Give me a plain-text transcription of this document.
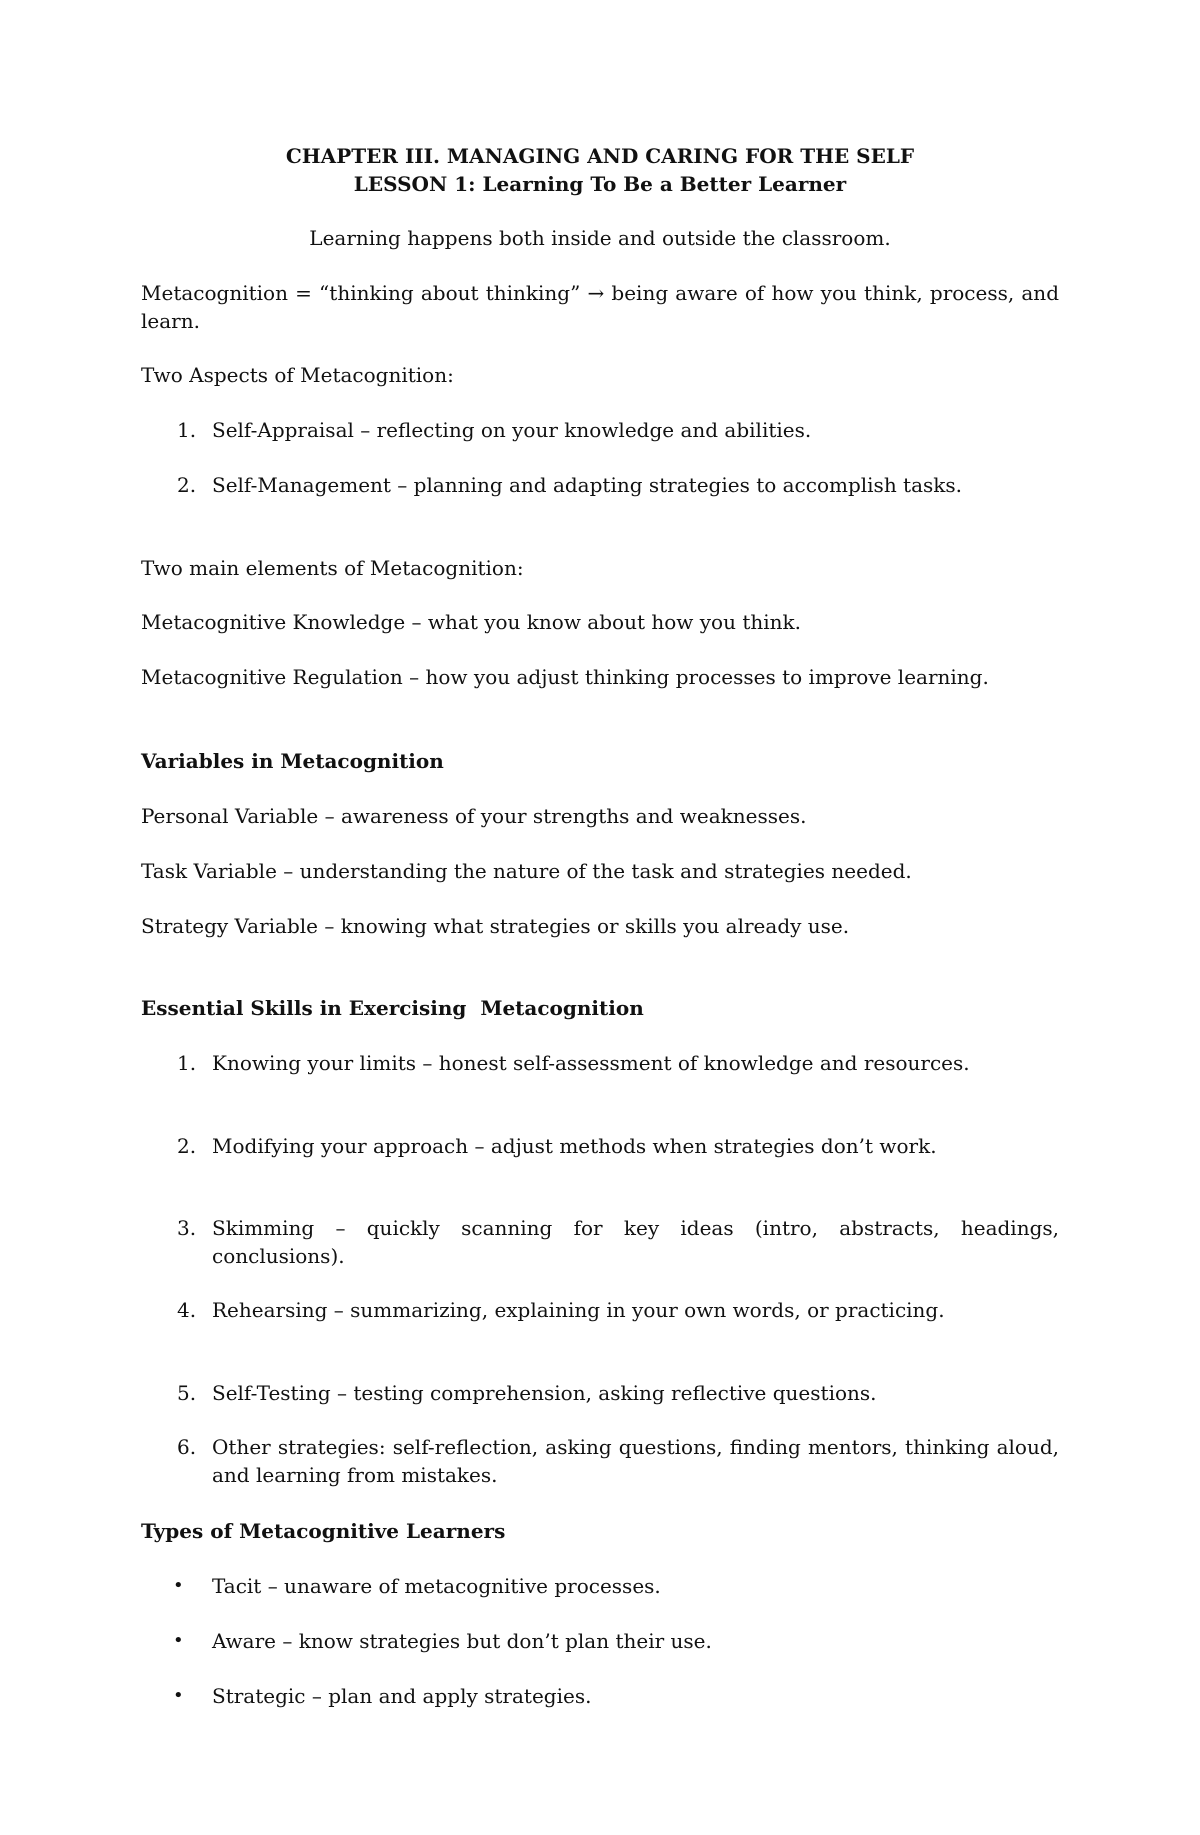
CHAPTER III. MANAGING AND CARING FOR THE SELF
LESSON 1: Learning To Be a Better Learner
Learning happens both inside and outside the classroom.
Metacognition = “thinking about thinking” → being aware of how you think, process, and learn.
Two Aspects of Metacognition:
1. Self-Appraisal – reflecting on your knowledge and abilities.
2. Self-Management – planning and adapting strategies to accomplish tasks.
Two main elements of Metacognition:
Metacognitive Knowledge – what you know about how you think.
Metacognitive Regulation – how you adjust thinking processes to improve learning.
Variables in Metacognition
Personal Variable – awareness of your strengths and weaknesses.
Task Variable – understanding the nature of the task and strategies needed.
Strategy Variable – knowing what strategies or skills you already use.
Essential Skills in Exercising  Metacognition
1. Knowing your limits – honest self-assessment of knowledge and resources.
2. Modifying your approach – adjust methods when strategies don’t work.
3. Skimming – quickly scanning for key ideas (intro, abstracts, headings, conclusions).
4. Rehearsing – summarizing, explaining in your own words, or practicing.
5. Self-Testing – testing comprehension, asking reflective questions.
6. Other strategies: self-reflection, asking questions, finding mentors, thinking aloud, and learning from mistakes.
Types of Metacognitive Learners
• Tacit – unaware of metacognitive processes.
• Aware – know strategies but don’t plan their use.
• Strategic – plan and apply strategies.
